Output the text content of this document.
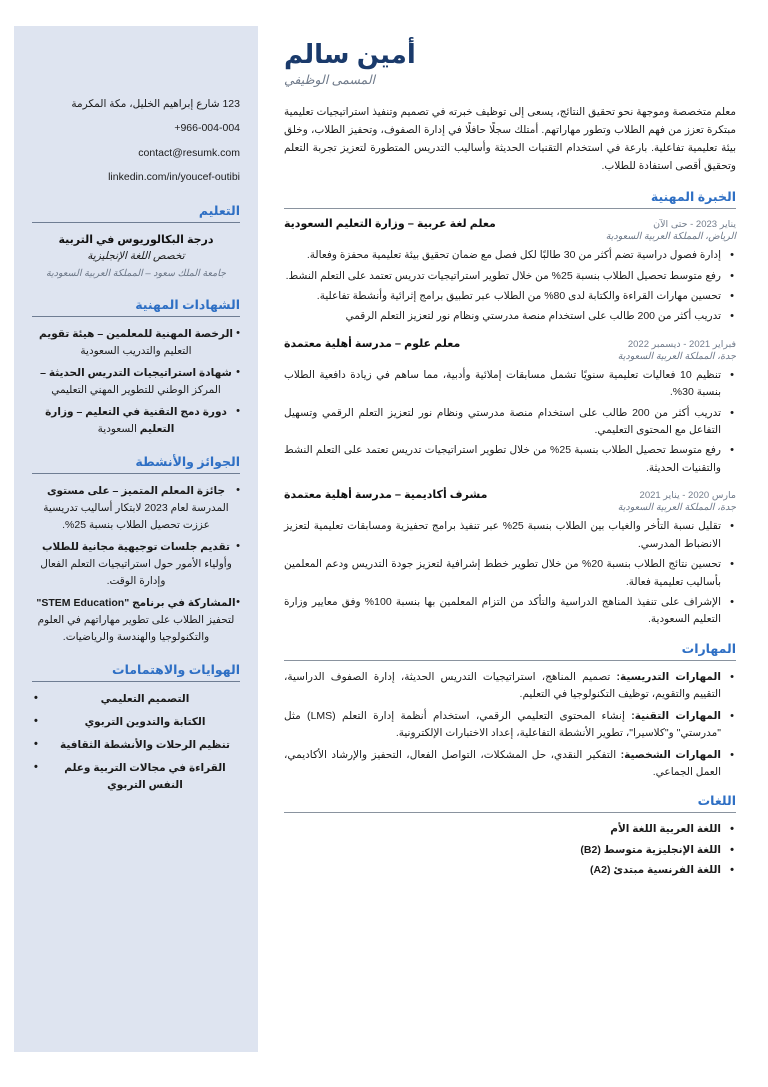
123 شارع إبراهيم الخليل، مكة المكرمة
+966-004-004
contact@resumk.com
linkedin.com/in/youcef-outibi
التعليم
درجة البكالوريوس في التربية
تخصص اللغة الإنجليزية
جامعة الملك سعود – المملكة العربية السعودية
الشهادات المهنية
• الرخصة المهنية للمعلمين – هيئة تقويم التعليم والتدريب السعودية
• شهادة استراتيجيات التدريس الحديثة – المركز الوطني للتطوير المهني التعليمي
• دورة دمج التقنية في التعليم – وزارة التعليم السعودية
الجوائز والأنشطة
• جائزة المعلم المتميز – على مستوى المدرسة لعام 2023 لابتكار أساليب تدريسية عززت تحصيل الطلاب بنسبة 25%.
• تقديم جلسات توجيهية مجانية للطلاب وأولياء الأمور حول استراتيجيات التعلم الفعال وإدارة الوقت.
• المشاركة في برنامج "STEM Education" لتحفيز الطلاب على تطوير مهاراتهم في العلوم والتكنولوجيا والهندسة والرياضيات.
الهوايات والاهتمامات
• التصميم التعليمي
• الكتابة والتدوين التربوي
• تنظيم الرحلات والأنشطة الثقافية
• القراءة في مجالات التربية وعلم النفس التربوي
أمين سالم
المسمى الوظيفي

معلم متخصصة وموجهة نحو تحقيق النتائج، يسعى إلى توظيف خبرته في تصميم وتنفيذ استراتيجيات تعليمية مبتكرة تعزز من فهم الطلاب وتطور مهاراتهم. أمتلك سجلًا حافلًا في إدارة الصفوف، وتحفيز الطلاب، وخلق بيئة تعليمية تفاعلية. بارعة في استخدام التقنيات الحديثة وأساليب التدريس المتطورة لتعزيز تجربة التعلم وتحقيق أقصى استفادة للطلاب.

الخبرة المهنية
معلم لغة عربية – وزارة التعليم السعودية	يناير 2023 - حتى الآن
الرياض، المملكة العربية السعودية
• إدارة فصول دراسية تضم أكثر من 30 طالبًا لكل فصل مع ضمان تحقيق بيئة تعليمية محفزة وفعالة.
• رفع متوسط تحصيل الطلاب بنسبة 25% من خلال تطوير استراتيجيات تدريس تعتمد على التعلم النشط.
• تحسين مهارات القراءة والكتابة لدى 80% من الطلاب عبر تطبيق برامج إثرائية وأنشطة تفاعلية.
• تدريب أكثر من 200 طالب على استخدام منصة مدرستي ونظام نور لتعزيز التعلم الرقمي
معلم علوم – مدرسة أهلية معتمدة	فبراير 2021 - ديسمبر 2022
جدة، المملكة العربية السعودية
• تنظيم 10 فعاليات تعليمية سنويًا تشمل مسابقات إملائية وأدبية، مما ساهم في زيادة دافعية الطلاب بنسبة 30%.
• تدريب أكثر من 200 طالب على استخدام منصة مدرستي ونظام نور لتعزيز التعلم الرقمي وتسهيل التفاعل مع المحتوى التعليمي.
• رفع متوسط تحصيل الطلاب بنسبة 25% من خلال تطوير استراتيجيات تدريس تعتمد على التعلم النشط والتقنيات الحديثة.
مشرف أكاديمية – مدرسة أهلية معتمدة	مارس 2020 - يناير 2021
جدة، المملكة العربية السعودية
• تقليل نسبة التأخر والغياب بين الطلاب بنسبة 25% عبر تنفيذ برامج تحفيزية ومسابقات تعليمية لتعزيز الانضباط المدرسي.
• تحسين نتائج الطلاب بنسبة 20% من خلال تطوير خطط إشرافية لتعزيز جودة التدريس ودعم المعلمين بأساليب تعليمية فعالة.
• الإشراف على تنفيذ المناهج الدراسية والتأكد من التزام المعلمين بها بنسبة 100% وفق معايير وزارة التعليم السعودية.
المهارات
• المهارات التدريسية: تصميم المناهج، استراتيجيات التدريس الحديثة، إدارة الصفوف الدراسية، التقييم والتقويم، توظيف التكنولوجيا في التعليم.
• المهارات التقنية: إنشاء المحتوى التعليمي الرقمي، استخدام أنظمة إدارة التعلم (LMS) مثل "مدرستي" و"كلاسيرا"، تطوير الأنشطة التفاعلية، إعداد الاختبارات الإلكترونية.
• المهارات الشخصية: التفكير النقدي، حل المشكلات، التواصل الفعال، التحفيز والإرشاد الأكاديمي، العمل الجماعي.
اللغات
• اللغة العربية اللغة الأم
• اللغة الإنجليزية متوسط (B2)
• اللغة الفرنسية مبتدئ (A2)
